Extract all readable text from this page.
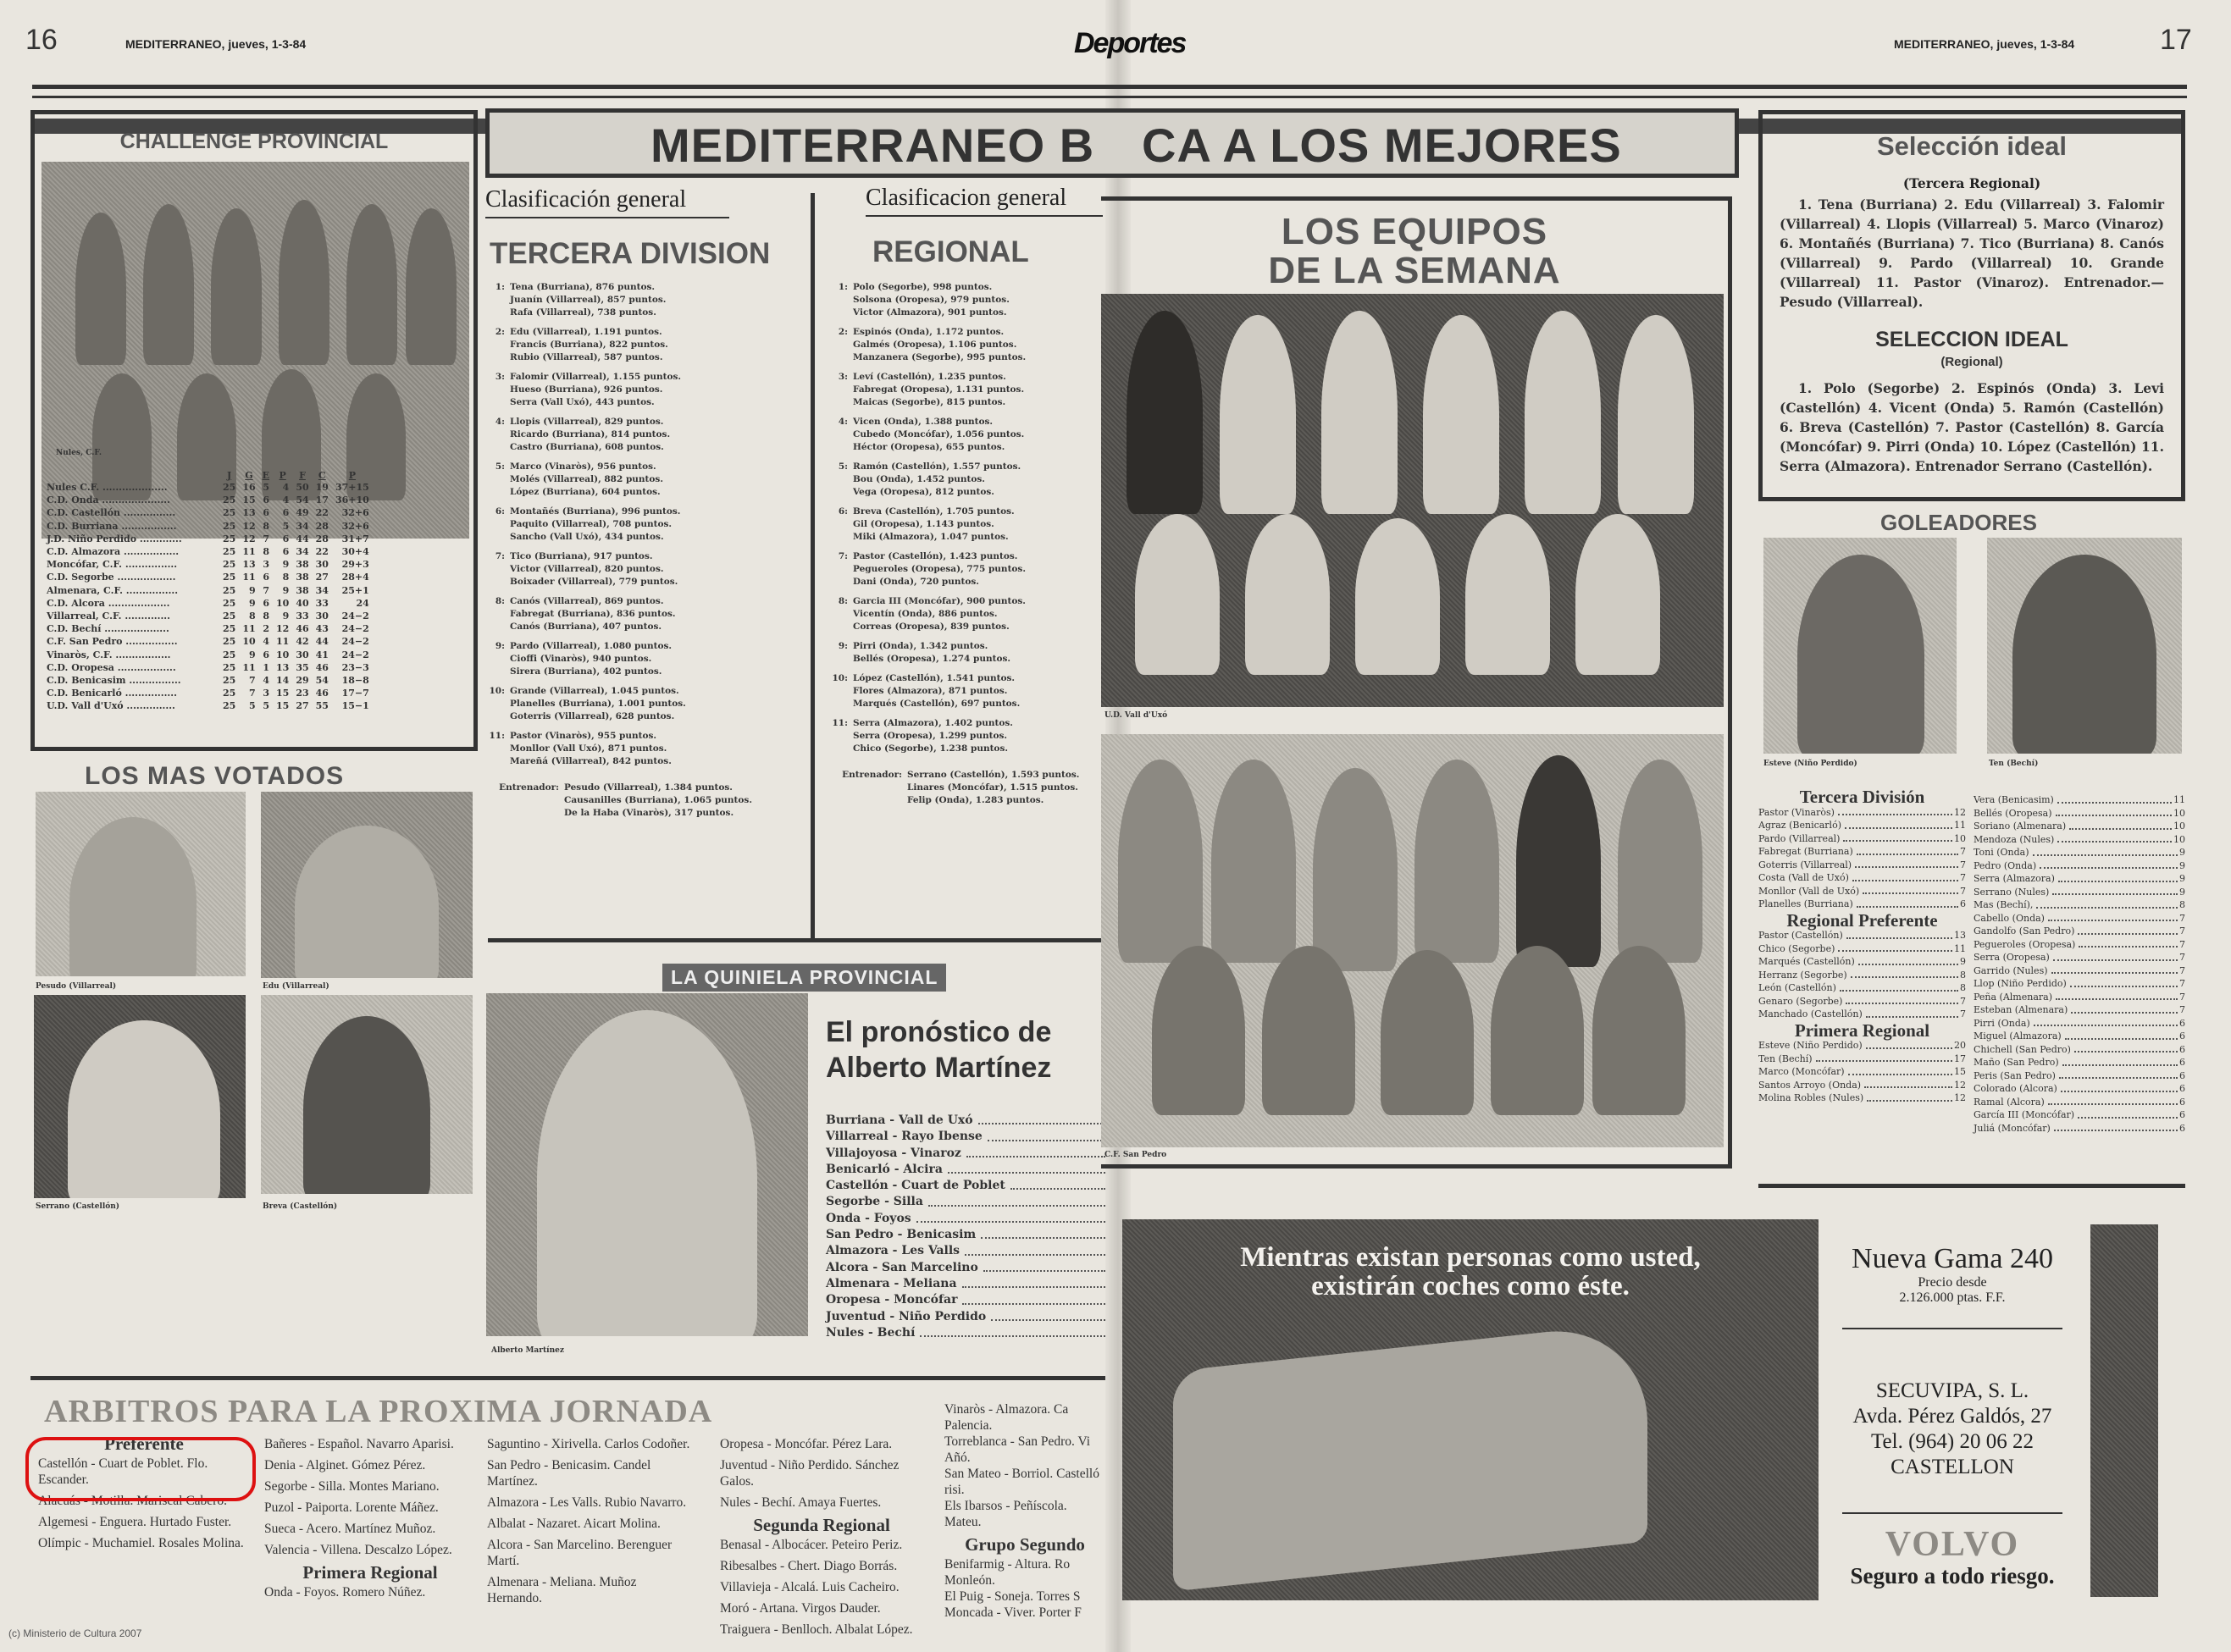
16	MEDITERRANEO, jueves, 1-3-84	Deportes	MEDITERRANEO, jueves, 1-3-84	17
MEDITERRANEO B CA A LOS MEJORES
CHALLENGE PROVINCIAL
Nules, C.F.
	J	G	E	P	F	C	P
Nules C.F. ....................	25	16	5	4	50	19	37+15
C.D. Onda .....................	25	15	6	4	54	17	36+10
C.D. Castellón ................	25	13	6	6	49	22	32+6
C.D. Burriana .................	25	12	8	5	34	28	32+6
J.D. Niño Perdido .............	25	12	7	6	44	28	31+7
C.D. Almazora .................	25	11	8	6	34	22	30+4
Moncófar, C.F. ................	25	13	3	9	38	30	29+3
C.D. Segorbe ..................	25	11	6	8	38	27	28+4
Almenara, C.F. ................	25	9	7	9	38	34	25+1
C.D. Alcora ...................	25	9	6	10	40	33	24
Villarreal, C.F. ..............	25	8	8	9	33	30	24−2
C.D. Bechí ....................	25	11	2	12	46	43	24−2
C.F. San Pedro ................	25	10	4	11	42	44	24−2
Vinaròs, C.F. .................	25	9	6	10	30	41	24−2
C.D. Oropesa ..................	25	11	1	13	35	46	23−3
C.D. Benicasim ................	25	7	4	14	29	54	18−8
C.D. Benicarló ................	25	7	3	15	23	46	17−7
U.D. Vall d'Uxó ...............	25	5	5	15	27	55	15−1
LOS MAS VOTADOS
Pesudo (Villarreal)	Edu (Villarreal)
Serrano (Castellón)	Breva (Castellón)
Clasificación general
TERCERA DIVISION
1: Tena (Burriana), 876 puntos.
Juanín (Villarreal), 857 puntos.
Rafa (Villarreal), 738 puntos.
2: Edu (Villarreal), 1.191 puntos.
Francis (Burriana), 822 puntos.
Rubio (Villarreal), 587 puntos.
3: Falomir (Villarreal), 1.155 puntos.
Hueso (Burriana), 926 puntos.
Serra (Vall Uxó), 443 puntos.
4: Llopis (Villarreal), 829 puntos.
Ricardo (Burriana), 814 puntos.
Castro (Burriana), 608 puntos.
5: Marco (Vinaròs), 956 puntos.
Molés (Villarreal), 882 puntos.
López (Burriana), 604 puntos.
6: Montañés (Burriana), 996 puntos.
Paquito (Villarreal), 708 puntos.
Sancho (Vall Uxó), 434 puntos.
7: Tico (Burriana), 917 puntos.
Victor (Villarreal), 820 puntos.
Boixader (Villarreal), 779 puntos.
8: Canós (Villarreal), 869 puntos.
Fabregat (Burriana), 836 puntos.
Canós (Burriana), 407 puntos.
9: Pardo (Villarreal), 1.080 puntos.
Cioffi (Vinaròs), 940 puntos.
Sirera (Burriana), 402 puntos.
10: Grande (Villarreal), 1.045 puntos.
Planelles (Burriana), 1.001 puntos.
Goterris (Villarreal), 628 puntos.
11: Pastor (Vinaròs), 955 puntos.
Monllor (Vall Uxó), 871 puntos.
Mareñá (Villarreal), 842 puntos.
Entrenador: Pesudo (Villarreal), 1.384 puntos.
Causanilles (Burriana), 1.065 puntos.
De la Haba (Vinaròs), 317 puntos.
Clasificacion general
REGIONAL
1: Polo (Segorbe), 998 puntos.
Solsona (Oropesa), 979 puntos.
Victor (Almazora), 901 puntos.
2: Espinós (Onda), 1.172 puntos.
Galmés (Oropesa), 1.106 puntos.
Manzanera (Segorbe), 995 puntos.
3: Leví (Castellón), 1.235 puntos.
Fabregat (Oropesa), 1.131 puntos.
Maicas (Segorbe), 815 puntos.
4: Vicen (Onda), 1.388 puntos.
Cubedo (Moncófar), 1.056 puntos.
Héctor (Oropesa), 655 puntos.
5: Ramón (Castellón), 1.557 puntos.
Bou (Onda), 1.452 puntos.
Vega (Oropesa), 812 puntos.
6: Breva (Castellón), 1.705 puntos.
Gil (Oropesa), 1.143 puntos.
Miki (Almazora), 1.047 puntos.
7: Pastor (Castellón), 1.423 puntos.
Pegueroles (Oropesa), 775 puntos.
Dani (Onda), 720 puntos.
8: Garcia III (Moncófar), 900 puntos.
Vicentín (Onda), 886 puntos.
Correas (Oropesa), 839 puntos.
9: Pirri (Onda), 1.342 puntos.
Bellés (Oropesa), 1.274 puntos.
10: López (Castellón), 1.541 puntos.
Flores (Almazora), 871 puntos.
Marqués (Castellón), 697 puntos.
11: Serra (Almazora), 1.402 puntos.
Serra (Oropesa), 1.299 puntos.
Chico (Segorbe), 1.238 puntos.
Entrenador: Serrano (Castellón), 1.593 puntos.
Linares (Moncófar), 1.515 puntos.
Felip (Onda), 1.283 puntos.
LA QUINIELA PROVINCIAL
Alberto Martínez
El pronóstico de
Alberto Martínez
Burriana - Vall de Uxó
Villarreal - Rayo Ibense
Villajoyosa - Vinaroz
Benicarló - Alcira
Castellón - Cuart de Poblet
Segorbe - Silla
Onda - Foyos
San Pedro - Benicasim
Almazora - Les Valls
Alcora - San Marcelino
Almenara - Meliana
Oropesa - Moncófar
Juventud - Niño Perdido
Nules - Bechí
ARBITROS PARA LA PROXIMA JORNADA
Preferente

Castellón - Cuart de Poblet. Flo. Escander.

Alacuás - Motilla. Mariscal Cabero.

Algemesi - Enguera. Hurtado Fuster.

Olímpic - Muchamiel. Rosales Molina.

Bañeres - Español. Navarro Aparisi.

Denia - Alginet. Gómez Pérez.

Segorbe - Silla. Montes Mariano.

Puzol - Paiporta. Lorente Máñez.

Sueca - Acero. Martínez Muñoz.

Valencia - Villena. Descalzo López.

Primera Regional

Onda - Foyos. Romero Núñez.

Saguntino - Xirivella. Carlos Codoñer.

San Pedro - Benicasim. Candel Martínez.

Almazora - Les Valls. Rubio Navarro.

Albalat - Nazaret. Aicart Molina.

Alcora - San Marcelino. Berenguer Martí.

Almenara - Meliana. Muñoz Hernando.

Oropesa - Moncófar. Pérez Lara.

Juventud - Niño Perdido. Sánchez Galos.

Nules - Bechí. Amaya Fuertes.

Segunda Regional

Benasal - Albocácer. Peteiro Periz.

Ribesalbes - Chert. Diago Borrás.

Villavieja - Alcalá. Luis Cacheiro.

Moró - Artana. Virgos Dauder.

Traiguera - Benlloch. Albalat López.

Vinaròs - Almazora. Ca

Palencia.

Torreblanca - San Pedro. Vi

Añó.

San Mateo - Borriol. Castelló

risi.

Els Ibarsos - Peñíscola.

Mateu.

Grupo Segundo

Benifarmig - Altura. Ro

Monleón.

El Puig - Soneja. Torres S

Moncada - Viver. Porter F

(c) Ministerio de Cultura 2007
LOS EQUIPOS
DE LA SEMANA
U.D. Vall d'Uxó
C.F. San Pedro
Selección ideal
(Tercera Regional)
1. Tena (Burriana) 2. Edu (Villarreal) 3. Falomir (Villarreal) 4. Llopis (Villarreal) 5. Marco (Vinaroz) 6. Montañés (Burriana) 7. Tico (Burriana) 8. Canós (Villarreal) 9. Pardo (Villarreal) 10. Grande (Villarreal) 11. Pastor (Vinaroz). Entrenador.—Pesudo (Villarreal).
SELECCION IDEAL
(Regional)
1. Polo (Segorbe) 2. Espinós (Onda) 3. Levi (Castellón) 4. Vicent (Onda) 5. Ramón (Castellón) 6. Breva (Castellón) 7. Pastor (Castellón) 8. García (Moncófar) 9. Pirri (Onda) 10. López (Castellón) 11. Serra (Almazora). Entrenador Serrano (Castellón).
GOLEADORES
Esteve (Niño Perdido)	Ten (Bechí)
Tercera División
Pastor (Vinaròs)	12
Agraz (Benicarló)	11
Pardo (Villarreal)	10
Fabregat (Burriana)	7
Goterris (Villarreal)	7
Costa (Vall de Uxó)	7
Monllor (Vall de Uxó)	7
Planelles (Burriana)	6
Regional Preferente
Pastor (Castellón)	13
Chico (Segorbe)	11
Marqués (Castellón)	9
Herranz (Segorbe)	8
León (Castellón)	8
Genaro (Segorbe)	7
Manchado (Castellón)	7
Primera Regional
Esteve (Niño Perdido)	20
Ten (Bechí)	17
Marco (Moncófar)	15
Santos Arroyo (Onda)	12
Molina Robles (Nules)	12
Vera (Benicasim)	11
Bellés (Oropesa)	10
Soriano (Almenara)	10
Mendoza (Nules)	10
Toni (Onda)	9
Pedro (Onda)	9
Serra (Almazora)	9
Serrano (Nules)	9
Mas (Bechí),	8
Cabello (Onda)	7
Gandolfo (San Pedro)	7
Pegueroles (Oropesa)	7
Serra (Oropesa)	7
Garrido (Nules)	7
Llop (Niño Perdido)	7
Peña (Almenara)	7
Esteban (Almenara)	7
Pirri (Onda)	6
Miguel (Almazora)	6
Chichell (San Pedro)	6
Maño (San Pedro)	6
Peris (San Pedro)	6
Colorado (Alcora)	6
Ramal (Alcora)	6
García III (Moncófar)	6
Juliá (Moncófar)	6
Mientras existan personas como usted,
existirán coches como éste.
Nueva Gama 240
Precio desde
2.126.000 ptas. F.F.
SECUVIPA, S. L.
Avda. Pérez Galdós, 27
Tel. (964) 20 06 22
CASTELLON
VOLVO
Seguro a todo riesgo.
